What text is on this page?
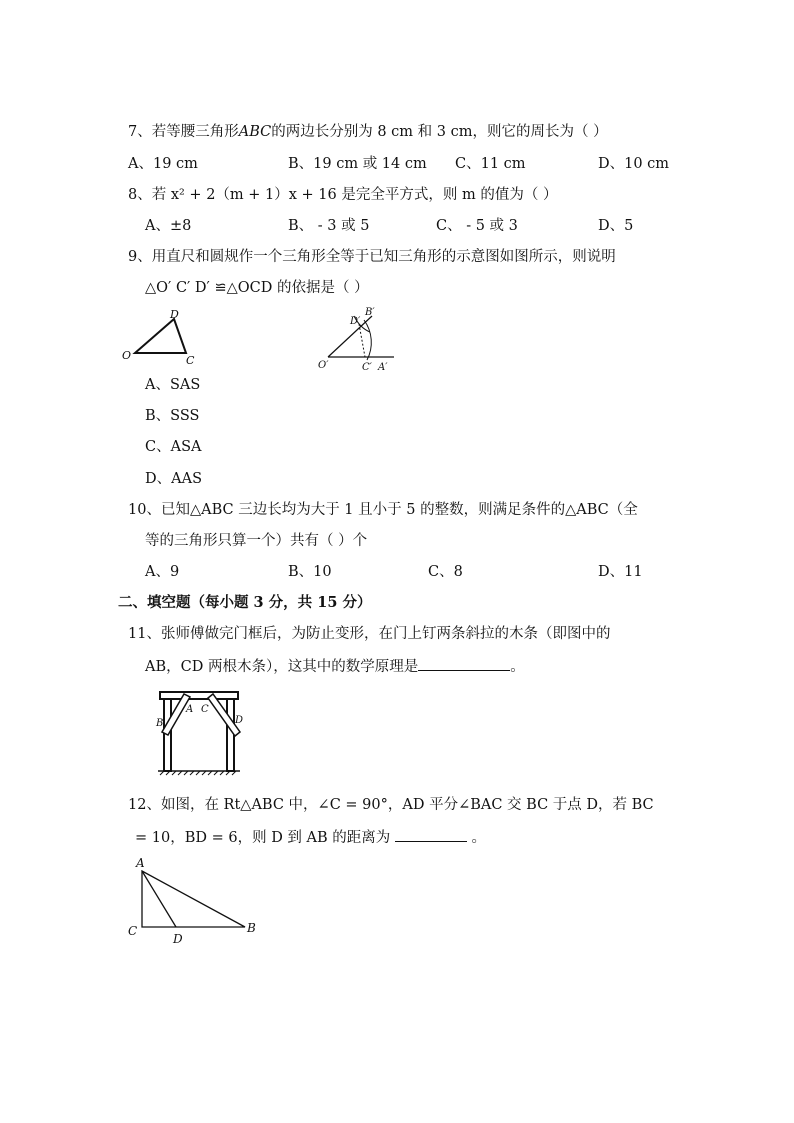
7、若等腰三角形ABC的两边长分别为 8 cm 和 3 cm，则它的周长为（ ）
A、19 cm	B、19 cm 或 14 cm C、11 cm	D、10 cm
8、若 x² + 2（m + 1）x + 16 是完全平方式，则 m 的值为（ ）
A、±8	B、 - 3 或 5	C、 - 5 或 3	D、5
9、用直尺和圆规作一个三角形全等于已知三角形的示意图如图所示，则说明
△O′ C′ D′ ≌△OCD 的依据是（ ）
O	C
D
O′	C′ A′
D′
B′
A、SAS
B、SSS
C、ASA
D、AAS
10、已知△ABC 三边长均为大于 1 且小于 5 的整数，则满足条件的△ABC（全
等的三角形只算一个）共有（ ）个
A、9	B、10	C、8	D、11
二、填空题（每小题 3 分，共 15 分）
11、张师傅做完门框后，为防止变形，在门上钉两条斜拉的木条（即图中的
AB，CD 两根木条），这其中的数学原理是	。
A
B
C
D
12、如图，在 Rt△ABC 中，∠C = 90°，AD 平分∠BAC 交 BC 于点 D，若 BC
= 10，BD = 6，则 D 到 AB 的距离为	。
A
C
D
B
